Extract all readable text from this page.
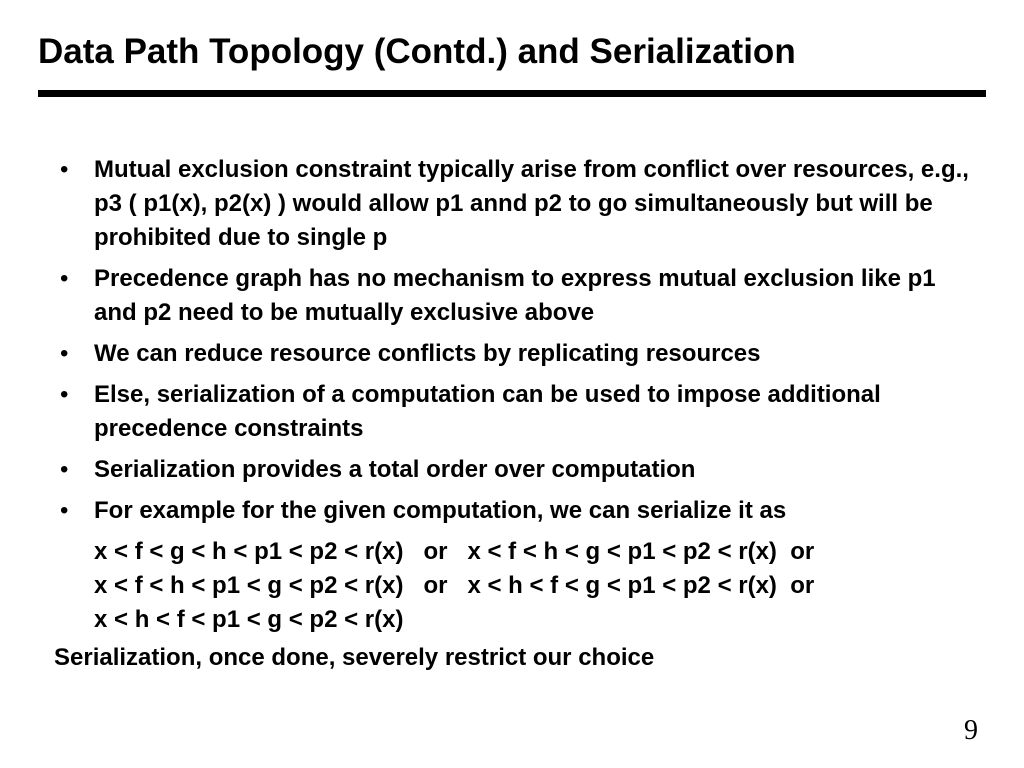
Data Path Topology (Contd.) and Serialization
•	Mutual exclusion constraint typically arise from conflict over resources, e.g., p3 ( p1(x), p2(x) ) would allow p1 annd p2 to go simultaneously but will be prohibited due to single p
•	Precedence graph has no mechanism to express mutual exclusion like p1 and p2 need to be mutually exclusive above
•	We can reduce resource conflicts by replicating resources
•	Else, serialization of a computation can be used to impose additional precedence constraints
•	Serialization provides a total order over computation
•	For example for the given computation, we can serialize it as
x < f < g < h < p1 < p2 < r(x)   or   x < f < h < g < p1 < p2 < r(x)  or
x < f < h < p1 < g < p2 < r(x)   or   x < h < f < g < p1 < p2 < r(x)  or
x < h < f < p1 < g < p2 < r(x)
Serialization, once done, severely restrict our choice
9
